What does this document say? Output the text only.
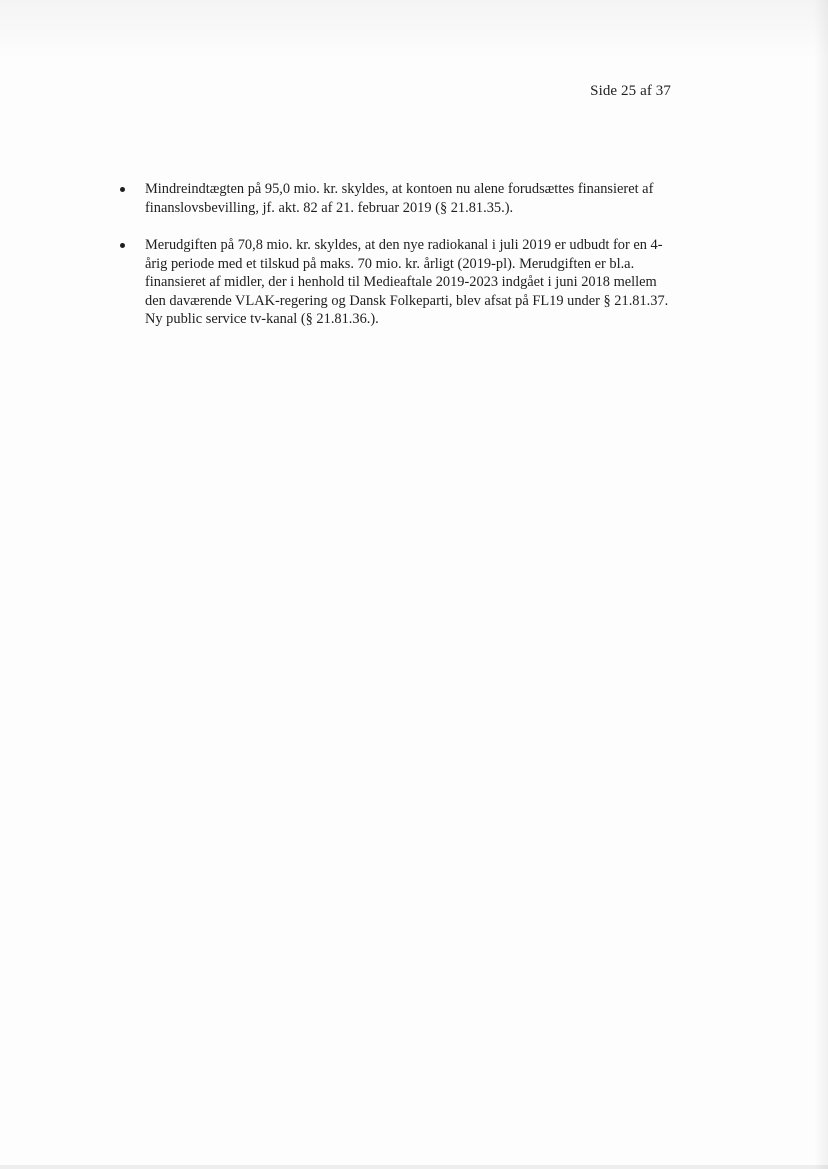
Side 25 af 37
Mindreindtægten på 95,0 mio. kr. skyldes, at kontoen nu alene forudsættes finansieret af finanslovsbevilling, jf. akt. 82 af 21. februar 2019 (§ 21.81.35.).
Merudgiften på 70,8 mio. kr. skyldes, at den nye radiokanal i juli 2019 er udbudt for en 4-årig periode med et tilskud på maks. 70 mio. kr. årligt (2019-pl). Merudgiften er bl.a. finansieret af midler, der i henhold til Medieaftale 2019-2023 indgået i juni 2018 mellem den daværende VLAK-regering og Dansk Folkeparti, blev afsat på FL19 under § 21.81.37. Ny public service tv-kanal (§ 21.81.36.).
